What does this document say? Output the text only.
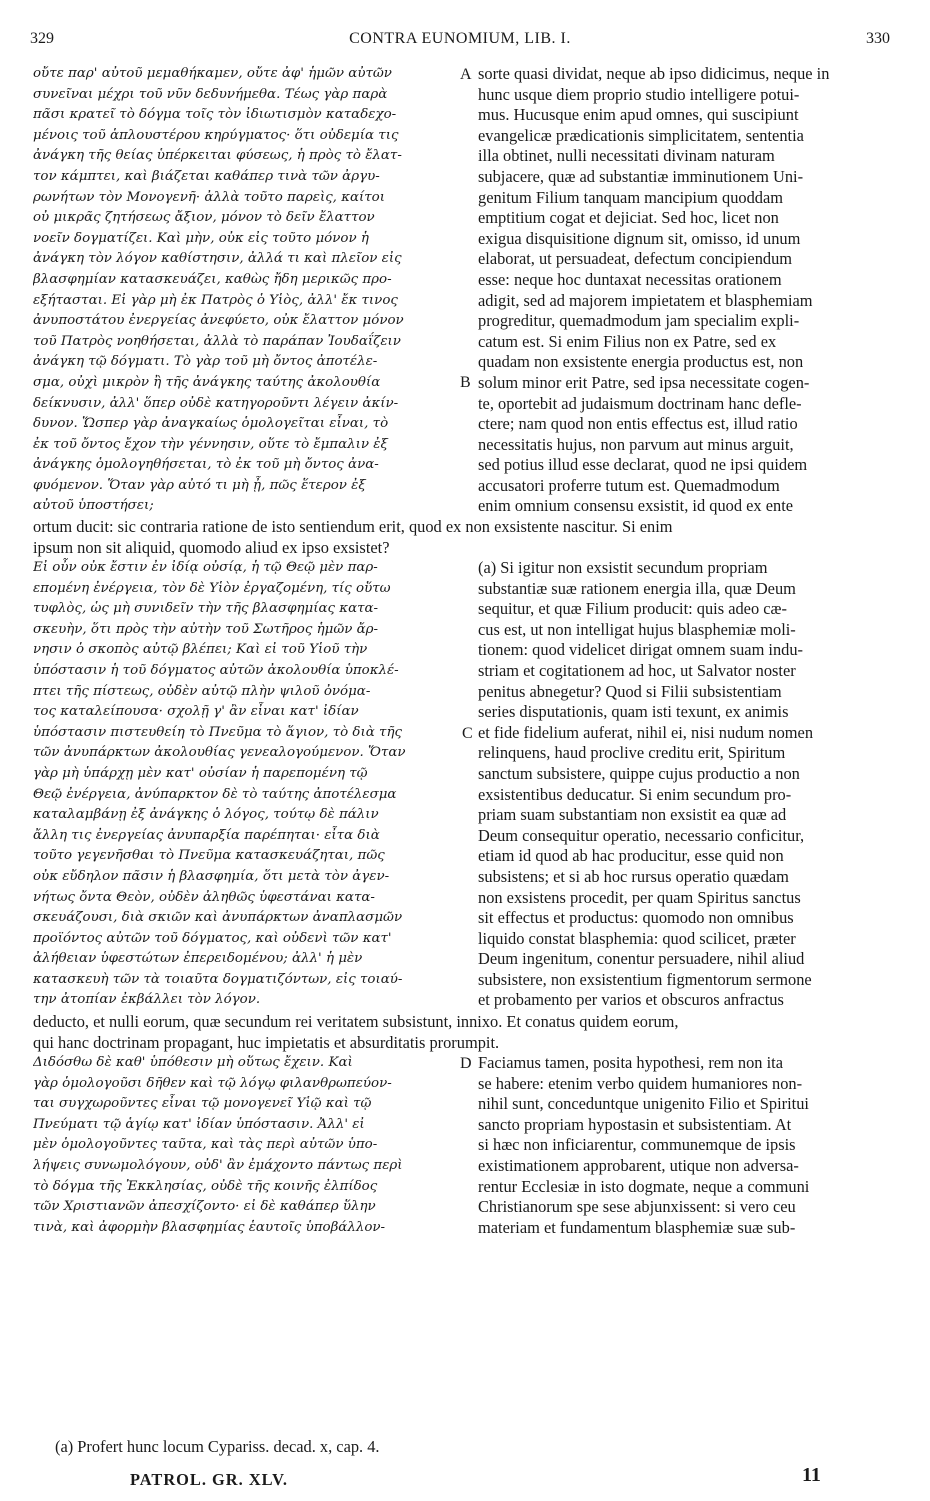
329	CONTRA EUNOMIUM, LIB. I.	330
οὔτε παρ' αὐτοῦ μεμαθήκαμεν, οὔτε ἀφ' ἡμῶν αὐτῶν
συνεῖναι μέχρι τοῦ νῦν δεδυνήμεθα. Τέως γὰρ παρὰ
πᾶσι κρατεῖ τὸ δόγμα τοῖς τὸν ἰδιωτισμὸν καταδεχο-
μένοις τοῦ ἁπλουστέρου κηρύγματος· ὅτι οὐδεμία τις
ἀνάγκη τῆς θείας ὑπέρκειται φύσεως, ἡ πρὸς τὸ ἔλατ-
τον κάμπτει, καὶ βιάζεται καθάπερ τινὰ τῶν ἀργυ-
ρωνήτων τὸν Μονογενῆ· ἀλλὰ τοῦτο παρεὶς, καίτοι
οὐ μικρᾶς ζητήσεως ἄξιον, μόνον τὸ δεῖν ἔλαττον
νοεῖν δογματίζει. Καὶ μὴν, οὐκ εἰς τοῦτο μόνον ἡ
ἀνάγκη τὸν λόγον καθίστησιν, ἀλλά τι καὶ πλεῖον εἰς
βλασφημίαν κατασκευάζει, καθὼς ἤδη μερικῶς προ-
εξήτασται. Εἰ γὰρ μὴ ἐκ Πατρὸς ὁ Υἱὸς, ἀλλ' ἔκ τινος
ἀνυποστάτου ἐνεργείας ἀνεφύετο, οὐκ ἔλαττον μόνον
τοῦ Πατρὸς νοηθήσεται, ἀλλὰ τὸ παράπαν Ἰουδαΐζειν
ἀνάγκη τῷ δόγματι. Τὸ γὰρ τοῦ μὴ ὄντος ἀποτέλε-
σμα, οὐχὶ μικρὸν ἢ τῆς ἀνάγκης ταύτης ἀκολουθία
δείκνυσιν, ἀλλ' ὅπερ οὐδὲ κατηγοροῦντι λέγειν ἀκίν-
δυνον. Ὥσπερ γὰρ ἀναγκαίως ὁμολογεῖται εἶναι, τὸ
ἐκ τοῦ ὄντος ἔχον τὴν γέννησιν, οὕτε τὸ ἔμπαλιν ἐξ
ἀνάγκης ὁμολογηθήσεται, τὸ ἐκ τοῦ μὴ ὄντος ἀνα-
φυόμενον. Ὅταν γὰρ αὐτό τι μὴ ᾖ, πῶς ἕτερον ἐξ
αὐτοῦ ὑποστήσει;
sorte quasi dividat, neque ab ipso didicimus, neque in
hunc usque diem proprio studio intelligere potui-
mus. Hucusque enim apud omnes, qui suscipiunt
evangelicæ prædicationis simplicitatem, sententia
illa obtinet, nulli necessitati divinam naturam
subjacere, quæ ad substantiæ imminutionem Uni-
genitum Filium tanquam mancipium quoddam
emptitium cogat et dejiciat. Sed hoc, licet non
exigua disquisitione dignum sit, omisso, id unum
elaborat, ut persuadeat, defectum concipiendum
esse: neque hoc duntaxat necessitas orationem
adigit, sed ad majorem impietatem et blasphemiam
progreditur, quemadmodum jam specialim expli-
catum est. Si enim Filius non ex Patre, sed ex
quadam non exsistente energia productus est, non
solum minor erit Patre, sed ipsa necessitate cogen-
te, oportebit ad judaismum doctrinam hanc defle-
ctere; nam quod non entis effectus est, illud ratio
necessitatis hujus, non parvum aut minus arguit,
sed potius illud esse declarat, quod ne ipsi quidem
accusatori proferre tutum est. Quemadmodum
enim omnium consensu exsistit, id quod ex ente
A
B
ortum ducit: sic contraria ratione de isto sentiendum erit, quod ex non exsistente nascitur. Si enim
ipsum non sit aliquid, quomodo aliud ex ipso exsistet?
Εἰ οὖν οὐκ ἔστιν ἐν ἰδίᾳ οὐσίᾳ, ἡ τῷ Θεῷ μὲν παρ-
επομένη ἐνέργεια, τὸν δὲ Υἱὸν ἐργαζομένη, τίς οὕτω
τυφλὸς, ὡς μὴ συνιδεῖν τὴν τῆς βλασφημίας κατα-
σκευὴν, ὅτι πρὸς τὴν αὐτὴν τοῦ Σωτῆρος ἡμῶν ἄρ-
νησιν ὁ σκοπὸς αὐτῷ βλέπει; Καὶ εἰ τοῦ Υἱοῦ τὴν
ὑπόστασιν ἡ τοῦ δόγματος αὐτῶν ἀκολουθία ὑποκλέ-
πτει τῆς πίστεως, οὐδὲν αὐτῷ πλὴν ψιλοῦ ὀνόμα-
τος καταλείπουσα· σχολῇ γ' ἂν εἶναι κατ' ἰδίαν
ὑπόστασιν πιστευθείη τὸ Πνεῦμα τὸ ἅγιον, τὸ διὰ τῆς
τῶν ἀνυπάρκτων ἀκολουθίας γενεαλογούμενον. Ὅταν
γὰρ μὴ ὑπάρχῃ μὲν κατ' οὐσίαν ἡ παρεπομένη τῷ
Θεῷ ἐνέργεια, ἀνύπαρκτον δὲ τὸ ταύτης ἀποτέλεσμα
καταλαμβάνῃ ἐξ ἀνάγκης ὁ λόγος, τούτῳ δὲ πάλιν
ἄλλη τις ἐνεργείας ἀνυπαρξία παρέπηται· εἶτα διὰ
τοῦτο γεγενῆσθαι τὸ Πνεῦμα κατασκευάζηται, πῶς
οὐκ εὔδηλον πᾶσιν ἡ βλασφημία, ὅτι μετὰ τὸν ἀγεν-
νήτως ὄντα Θεὸν, οὐδὲν ἀληθῶς ὑφεστάναι κατα-
σκευάζουσι, διὰ σκιῶν καὶ ἀνυπάρκτων ἀναπλασμῶν
προϊόντος αὐτῶν τοῦ δόγματος, καὶ οὐδενὶ τῶν κατ'
ἀλήθειαν ὑφεστώτων ἐπερειδομένου; ἀλλ' ἡ μὲν
κατασκευὴ τῶν τὰ τοιαῦτα δογματιζόντων, εἰς τοιαύ-
την ἀτοπίαν ἐκβάλλει τὸν λόγον.
(a) Si igitur non exsistit secundum propriam
substantiæ suæ rationem energia illa, quæ Deum
sequitur, et quæ Filium producit: quis adeo cæ-
cus est, ut non intelligat hujus blasphemiæ moli-
tionem: quod videlicet dirigat omnem suam indu-
striam et cogitationem ad hoc, ut Salvator noster
penitus abnegetur? Quod si Filii subsistentiam
series disputationis, quam isti texunt, ex animis
et fide fidelium auferat, nihil ei, nisi nudum nomen
relinquens, haud proclive creditu erit, Spiritum
sanctum subsistere, quippe cujus productio a non
exsistentibus deducatur. Si enim secundum pro-
priam suam substantiam non exsistit ea quæ ad
Deum consequitur operatio, necessario conficitur,
etiam id quod ab hac producitur, esse quid non
subsistens; et si ab hoc rursus operatio quædam
non exsistens procedit, per quam Spiritus sanctus
sit effectus et productus: quomodo non omnibus
liquido constat blasphemia: quod scilicet, præter
Deum ingenitum, conentur persuadere, nihil aliud
subsistere, non exsistentium figmentorum sermone
et probamento per varios et obscuros anfractus
C
deducto, et nulli eorum, quæ secundum rei veritatem subsistunt, innixo. Et conatus quidem eorum,
qui hanc doctrinam propagant, huc impietatis et absurditatis prorumpit.
Διδόσθω δὲ καθ' ὑπόθεσιν μὴ οὕτως ἔχειν. Καὶ
γὰρ ὁμολογοῦσι δῆθεν καὶ τῷ λόγῳ φιλανθρωπεύον-
ται συγχωροῦντες εἶναι τῷ μονογενεῖ Υἱῷ καὶ τῷ
Πνεύματι τῷ ἁγίῳ κατ' ἰδίαν ὑπόστασιν. Ἀλλ' εἰ
μὲν ὁμολογοῦντες ταῦτα, καὶ τὰς περὶ αὐτῶν ὑπο-
λήψεις συνωμολόγουν, οὐδ' ἂν ἐμάχοντο πάντως περὶ
τὸ δόγμα τῆς Ἐκκλησίας, οὐδὲ τῆς κοινῆς ἐλπίδος
τῶν Χριστιανῶν ἀπεσχίζοντο· εἰ δὲ καθάπερ ὕλην
τινὰ, καὶ ἀφορμὴν βλασφημίας ἑαυτοῖς ὑποβάλλον-
Faciamus tamen, posita hypothesi, rem non ita
se habere: etenim verbo quidem humaniores non-
nihil sunt, conceduntque unigenito Filio et Spiritui
sancto propriam hypostasin et subsistentiam. At
si hæc non inficiarentur, communemque de ipsis
existimationem approbarent, utique non adversa-
rentur Ecclesiæ in isto dogmate, neque a communi
Christianorum spe sese abjunxissent: si vero ceu
materiam et fundamentum blasphemiæ suæ sub-
D
(a) Profert hunc locum Cypariss. decad. x, cap. 4.
PATROL. GR. XLV.	11
